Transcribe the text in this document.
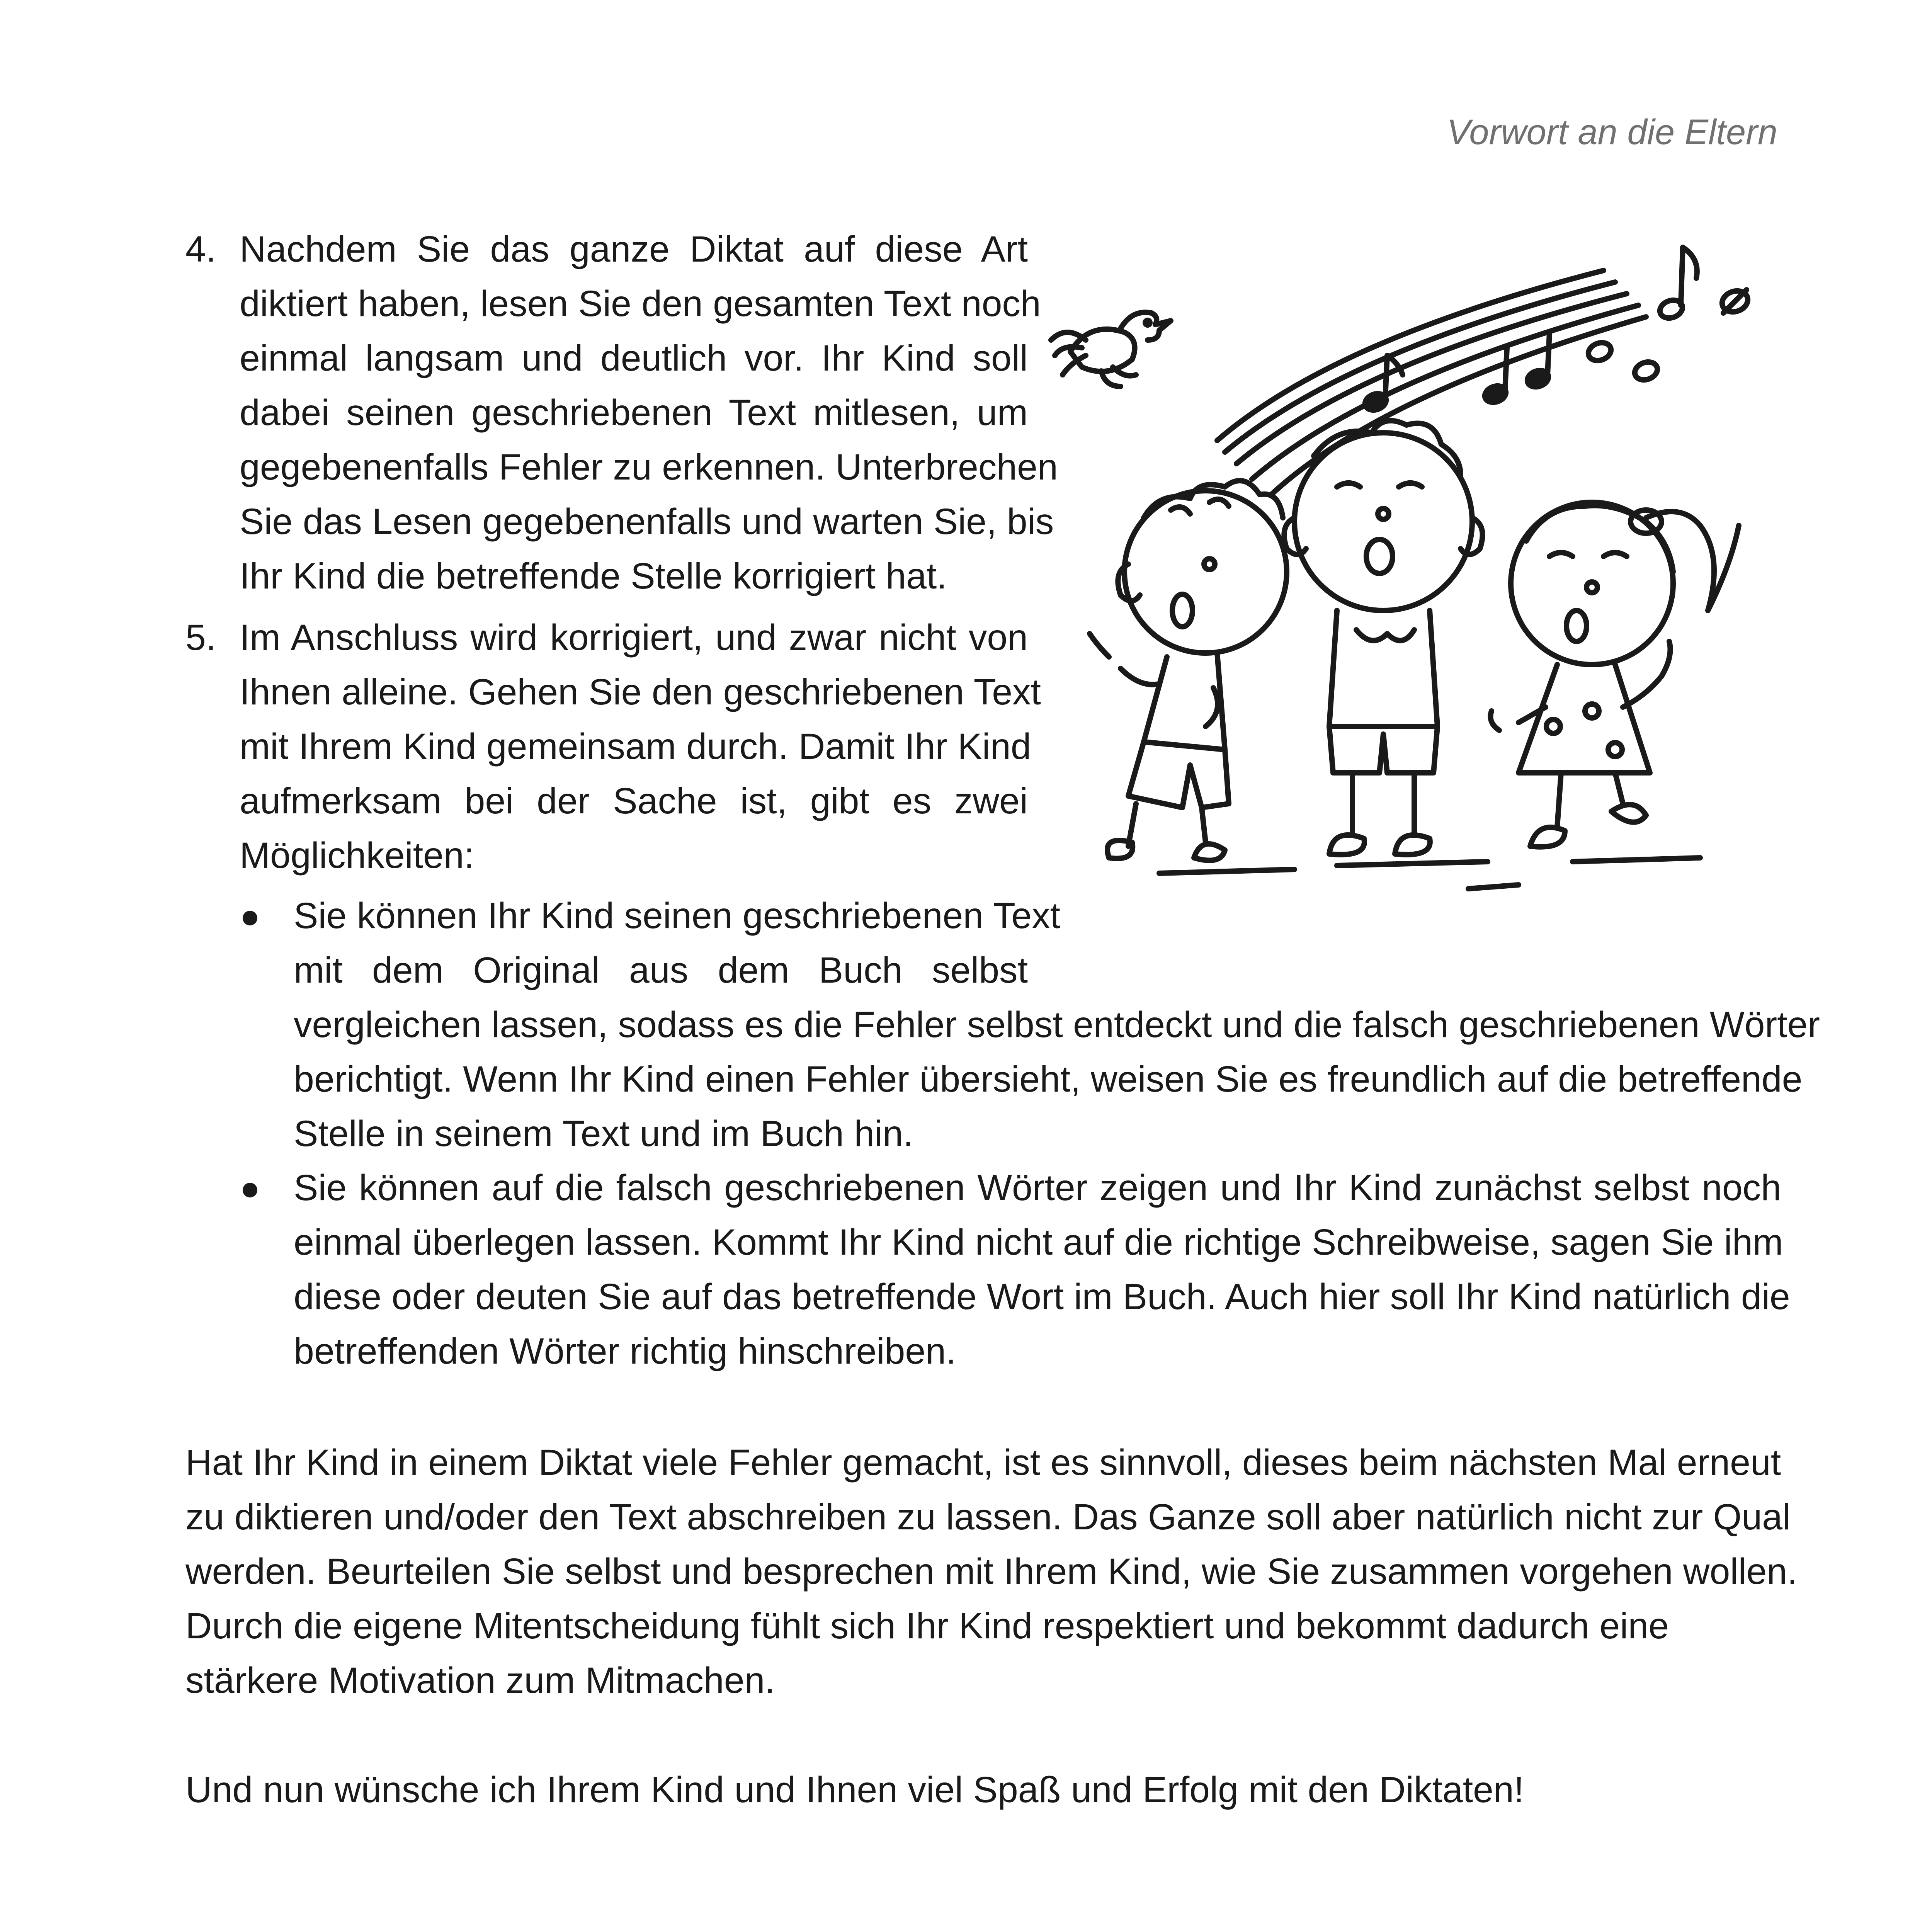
Vorwort an die Eltern
4. Nachdem Sie das ganze Diktat auf diese Art
diktiert haben, lesen Sie den gesamten Text noch
einmal langsam und deutlich vor. Ihr Kind soll
dabei seinen geschriebenen Text mitlesen, um
gegebenenfalls Fehler zu erkennen. Unterbrechen
Sie das Lesen gegebenenfalls und warten Sie, bis
Ihr Kind die betreffende Stelle korrigiert hat.
5. Im Anschluss wird korrigiert, und zwar nicht von
Ihnen alleine. Gehen Sie den geschriebenen Text
mit Ihrem Kind gemeinsam durch. Damit Ihr Kind
aufmerksam bei der Sache ist, gibt es zwei
Möglichkeiten:
Sie können Ihr Kind seinen geschriebenen Text
mit dem Original aus dem Buch selbst
vergleichen lassen, sodass es die Fehler selbst entdeckt und die falsch geschriebenen Wörter
berichtigt. Wenn Ihr Kind einen Fehler übersieht, weisen Sie es freundlich auf die betreffende
Stelle in seinem Text und im Buch hin.
Sie können auf die falsch geschriebenen Wörter zeigen und Ihr Kind zunächst selbst noch
einmal überlegen lassen. Kommt Ihr Kind nicht auf die richtige Schreibweise, sagen Sie ihm
diese oder deuten Sie auf das betreffende Wort im Buch. Auch hier soll Ihr Kind natürlich die
betreffenden Wörter richtig hinschreiben.
Hat Ihr Kind in einem Diktat viele Fehler gemacht, ist es sinnvoll, dieses beim nächsten Mal erneut
zu diktieren und/oder den Text abschreiben zu lassen. Das Ganze soll aber natürlich nicht zur Qual
werden. Beurteilen Sie selbst und besprechen mit Ihrem Kind, wie Sie zusammen vorgehen wollen.
Durch die eigene Mitentscheidung fühlt sich Ihr Kind respektiert und bekommt dadurch eine
stärkere Motivation zum Mitmachen.
Und nun wünsche ich Ihrem Kind und Ihnen viel Spaß und Erfolg mit den Diktaten!
